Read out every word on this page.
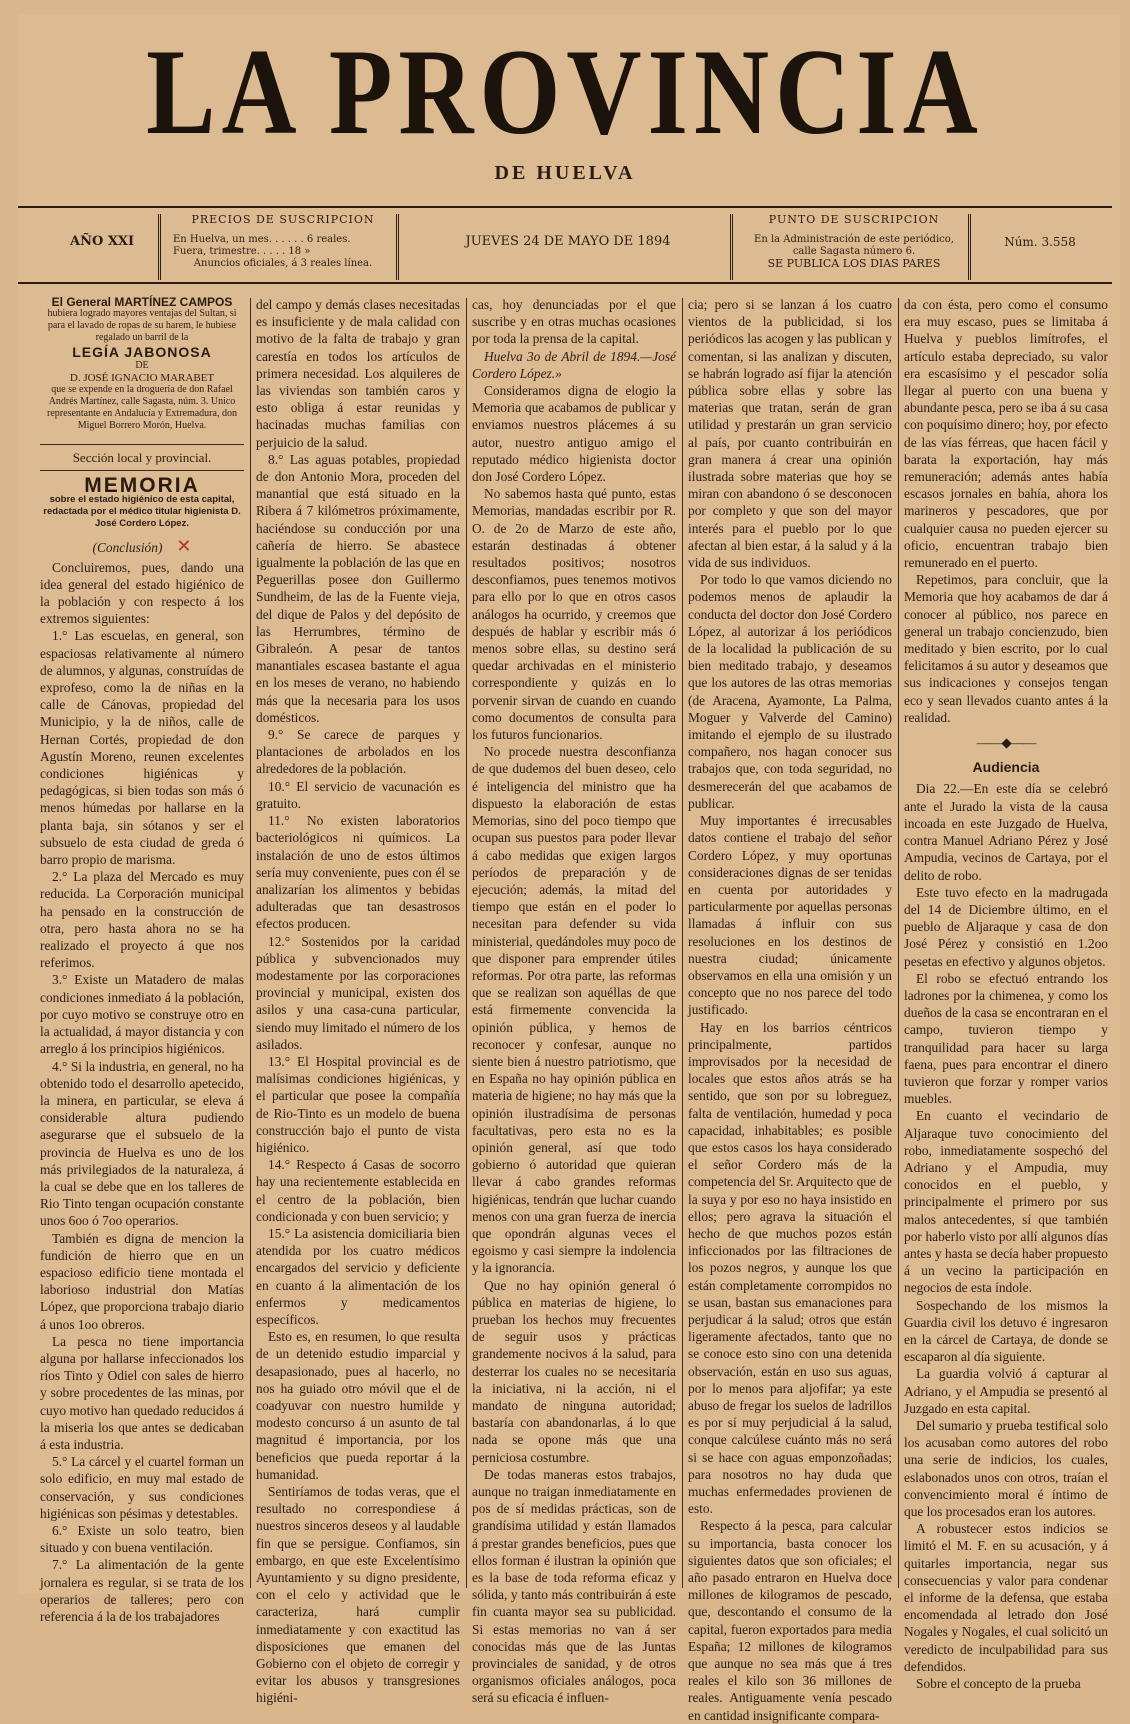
LA PROVINCIA
DE HUELVA
AÑO XXI
PRECIOS DE SUSCRIPCION
En Huelva, un mes. . . . . . 6 reales.
Fuera, trimestre. . . . . 18 »
Anuncios oficiales, á 3 reales línea.
JUEVES 24 DE MAYO DE 1894
PUNTO DE SUSCRIPCION
En la Administración de este periódico,
calle Sagasta número 6.
SE PUBLICA LOS DIAS PARES
Núm. 3.558
El General MARTÍNEZ CAMPOS
hubiera logrado mayores ventajas del Sultan, si para el lavado de ropas de su harem, le hubiese regalado un barril de la
LEGÍA JABONOSA
DE
D. JOSÉ IGNACIO MARABET
que se expende en la droguería de don Rafael Andrés Martínez, calle Sagasta, núm. 3. Unico representante en Andalucía y Extremadura, don Miguel Borrero Morón, Huelva.
Sección local y provincial.
MEMORIA
sobre el estado higiénico de esta capital, redactada por el médico titular higienista D. José Cordero López.
(Conclusión) ✕

Concluiremos, pues, dando una idea general del estado higiénico de la población y con respecto á los extremos siguientes:

1.° Las escuelas, en general, son espaciosas relativamente al número de alumnos, y algunas, construídas de exprofeso, como la de niñas en la calle de Cánovas, propiedad del Municipio, y la de niños, calle de Hernan Cortés, propiedad de don Agustín Moreno, reunen excelentes condiciones higiénicas y pedagógicas, si bien todas son más ó menos húmedas por hallarse en la planta baja, sin sótanos y ser el subsuelo de esta ciudad de greda ó barro propio de marisma.

2.° La plaza del Mercado es muy reducida. La Corporación municipal ha pensado en la construcción de otra, pero hasta ahora no se ha realizado el proyecto á que nos referimos.

3.° Existe un Matadero de malas condiciones inmediato á la población, por cuyo motivo se construye otro en la actualidad, á mayor distancia y con arreglo á los principios higiénicos.

4.° Si la industria, en general, no ha obtenido todo el desarrollo apetecido, la minera, en particular, se eleva á considerable altura pudiendo asegurarse que el subsuelo de la provincia de Huelva es uno de los más privilegiados de la naturaleza, á la cual se debe que en los talleres de Rio Tinto tengan ocupación constante unos 6oo ó 7oo operarios.

También es digna de mencion la fundición de hierro que en un espacioso edificio tiene montada el laborioso industrial don Matías López, que proporciona trabajo diario á unos 1oo obreros.

La pesca no tiene importancia alguna por hallarse infeccionados los ríos Tinto y Odiel con sales de hierro y sobre procedentes de las minas, por cuyo motivo han quedado reducidos á la miseria los que antes se dedicaban á esta industria.

5.° La cárcel y el cuartel forman un solo edificio, en muy mal estado de conservación, y sus condiciones higiénicas son pésimas y detestables.

6.° Existe un solo teatro, bien situado y con buena ventilación.

7.° La alimentación de la gente jornalera es regular, si se trata de los operarios de talleres; pero con referencia á la de los trabajadores

del campo y demás clases necesitadas es insuficiente y de mala calidad con motivo de la falta de trabajo y gran carestía en todos los artículos de primera necesidad. Los alquileres de las viviendas son también caros y esto obliga á estar reunidas y hacinadas muchas familias con perjuicio de la salud.

8.° Las aguas potables, propiedad de don Antonio Mora, proceden del manantial que está situado en la Ribera á 7 kilómetros próximamente, haciéndose su conducción por una cañería de hierro. Se abastece igualmente la población de las que en Peguerillas posee don Guillermo Sundheim, de las de la Fuente vieja, del dique de Palos y del depósito de las Herrumbres, término de Gibraleón. A pesar de tantos manantiales escasea bastante el agua en los meses de verano, no habiendo más que la necesaria para los usos domésticos.

9.° Se carece de parques y plantaciones de arbolados en los alrededores de la población.

10.° El servicio de vacunación es gratuito.

11.° No existen laboratorios bacteriológicos ni químicos. La instalación de uno de estos últimos sería muy conveniente, pues con él se analizarían los alimentos y bebidas adulteradas que tan desastrosos efectos producen.

12.° Sostenidos por la caridad pública y subvencionados muy modestamente por las corporaciones provincial y municipal, existen dos asilos y una casa-cuna particular, siendo muy limitado el número de los asilados.

13.° El Hospital provincial es de malísimas condiciones higiénicas, y el particular que posee la compañía de Rio-Tinto es un modelo de buena construcción bajo el punto de vista higiénico.

14.° Respecto á Casas de socorro hay una recientemente establecida en el centro de la población, bien condicionada y con buen servicio; y

15.° La asistencia domiciliaria bien atendida por los cuatro médicos encargados del servicio y deficiente en cuanto á la alimentación de los enfermos y medicamentos específicos.

Esto es, en resumen, lo que resulta de un detenido estudio imparcial y desapasionado, pues al hacerlo, no nos ha guiado otro móvil que el de coadyuvar con nuestro humilde y modesto concurso á un asunto de tal magnitud é importancia, por los beneficios que pueda reportar á la humanidad.

Sentiríamos de todas veras, que el resultado no correspondiese á nuestros sinceros deseos y al laudable fin que se persigue. Confiamos, sin embargo, en que este Excelentísimo Ayuntamiento y su digno presidente, con el celo y actividad que le caracteriza, hará cumplir inmediatamente y con exactitud las disposiciones que emanen del Gobierno con el objeto de corregir y evitar los abusos y transgresiones higiéni-

cas, hoy denunciadas por el que suscribe y en otras muchas ocasiones por toda la prensa de la capital.

Huelva 3o de Abril de 1894.—José Cordero López.»

Consideramos digna de elogio la Memoria que acabamos de publicar y enviamos nuestros plácemes á su autor, nuestro antiguo amigo el reputado médico higienista doctor don José Cordero López.

No sabemos hasta qué punto, estas Memorias, mandadas escribir por R. O. de 2o de Marzo de este año, estarán destinadas á obtener resultados positivos; nosotros desconfiamos, pues tenemos motivos para ello por lo que en otros casos análogos ha ocurrido, y creemos que después de hablar y escribir más ó menos sobre ellas, su destino será quedar archivadas en el ministerio correspondiente y quizás en lo porvenir sirvan de cuando en cuando como documentos de consulta para los futuros funcionarios.

No procede nuestra desconfianza de que dudemos del buen deseo, celo é inteligencia del ministro que ha dispuesto la elaboración de estas Memorias, sino del poco tiempo que ocupan sus puestos para poder llevar á cabo medidas que exigen largos períodos de preparación y de ejecución; además, la mitad del tiempo que están en el poder lo necesitan para defender su vida ministerial, quedándoles muy poco de que disponer para emprender útiles reformas. Por otra parte, las reformas que se realizan son aquéllas de que está firmemente convencida la opinión pública, y hemos de reconocer y confesar, aunque no siente bien á nuestro patriotismo, que en España no hay opinión pública en materia de higiene; no hay más que la opinión ilustradísima de personas facultativas, pero esta no es la opinión general, así que todo gobierno ó autoridad que quieran llevar á cabo grandes reformas higiénicas, tendrán que luchar cuando menos con una gran fuerza de inercia que opondrán algunas veces el egoismo y casi siempre la indolencia y la ignorancia.

Que no hay opinión general ó pública en materias de higiene, lo prueban los hechos muy frecuentes de seguir usos y prácticas grandemente nocivos á la salud, para desterrar los cuales no se necesitaría la iniciativa, ni la acción, ni el mandato de ninguna autoridad; bastaría con abandonarlas, á lo que nada se opone más que una perniciosa costumbre.

De todas maneras estos trabajos, aunque no traigan inmediatamente en pos de sí medidas prácticas, son de grandísima utilidad y están llamados á prestar grandes beneficios, pues que ellos forman é ilustran la opinión que es la base de toda reforma eficaz y sólida, y tanto más contribuirán á este fin cuanta mayor sea su publicidad. Si estas memorias no van á ser conocidas más que de las Juntas provinciales de sanidad, y de otros organismos oficiales análogos, poca será su eficacia é influen-

cia; pero si se lanzan á los cuatro vientos de la publicidad, si los periódicos las acogen y las publican y comentan, si las analizan y discuten, se habrán logrado así fijar la atención pública sobre ellas y sobre las materias que tratan, serán de gran utilidad y prestarán un gran servicio al país, por cuanto contribuirán en gran manera á crear una opinión ilustrada sobre materias que hoy se miran con abandono ó se desconocen por completo y que son del mayor interés para el pueblo por lo que afectan al bien estar, á la salud y á la vida de sus individuos.

Por todo lo que vamos diciendo no podemos menos de aplaudir la conducta del doctor don José Cordero López, al autorizar á los periódicos de la localidad la publicación de su bien meditado trabajo, y deseamos que los autores de las otras memorias (de Aracena, Ayamonte, La Palma, Moguer y Valverde del Camino) imitando el ejemplo de su ilustrado compañero, nos hagan conocer sus trabajos que, con toda seguridad, no desmerecerán del que acabamos de publicar.

Muy importantes é irrecusables datos contiene el trabajo del señor Cordero López, y muy oportunas consideraciones dignas de ser tenidas en cuenta por autoridades y particularmente por aquellas personas llamadas á influir con sus resoluciones en los destinos de nuestra ciudad; únicamente observamos en ella una omisión y un concepto que no nos parece del todo justificado.

Hay en los barrios céntricos principalmente, partidos improvisados por la necesidad de locales que estos años atrás se ha sentido, que son por su lobreguez, falta de ventilación, humedad y poca capacidad, inhabitables; es posible que estos casos los haya considerado el señor Cordero más de la competencia del Sr. Arquitecto que de la suya y por eso no haya insistido en ellos; pero agrava la situación el hecho de que muchos pozos están inficcionados por las filtraciones de los pozos negros, y aunque los que están completamente corrompidos no se usan, bastan sus emanaciones para perjudicar á la salud; otros que están ligeramente afectados, tanto que no se conoce esto sino con una detenida observación, están en uso sus aguas, por lo menos para aljofifar; ya este abuso de fregar los suelos de ladrillos es por sí muy perjudicial á la salud, conque calcúlese cuánto más no será si se hace con aguas emponzoñadas; para nosotros no hay duda que muchas enfermedades provienen de esto.

Respecto á la pesca, para calcular su importancia, basta conocer los siguientes datos que son oficiales; el año pasado entraron en Huelva doce millones de kilogramos de pescado, que, descontando el consumo de la capital, fueron exportados para media España; 12 millones de kilogramos que aunque no sea más que á tres reales el kilo son 36 millones de reales. Antiguamente venía pescado en cantidad insignificante compara-

da con ésta, pero como el consumo era muy escaso, pues se limitaba á Huelva y pueblos limítrofes, el artículo estaba depreciado, su valor era escasísimo y el pescador solía llegar al puerto con una buena y abundante pesca, pero se iba á su casa con poquísimo dinero; hoy, por efecto de las vías férreas, que hacen fácil y barata la exportación, hay más remuneración; además antes había escasos jornales en bahía, ahora los marineros y pescadores, que por cualquier causa no pueden ejercer su oficio, encuentran trabajo bien remunerado en el puerto.

Repetimos, para concluir, que la Memoria que hoy acabamos de dar á conocer al público, nos parece en general un trabajo concienzudo, bien meditado y bien escrito, por lo cual felicitamos á su autor y deseamos que sus indicaciones y consejos tengan eco y sean llevados cuanto antes á la realidad.

——◆——
Audiencia

Dia 22.—En este día se celebró ante el Jurado la vista de la causa incoada en este Juzgado de Huelva, contra Manuel Adriano Pérez y José Ampudia, vecinos de Cartaya, por el delito de robo.

Este tuvo efecto en la madrugada del 14 de Diciembre último, en el pueblo de Aljaraque y casa de don José Pérez y consistió en 1.2oo pesetas en efectivo y algunos objetos.

El robo se efectuó entrando los ladrones por la chimenea, y como los dueños de la casa se encontraran en el campo, tuvieron tiempo y tranquilidad para hacer su larga faena, pues para encontrar el dinero tuvieron que forzar y romper varios muebles.

En cuanto el vecindario de Aljaraque tuvo conocimiento del robo, inmediatamente sospechó del Adriano y el Ampudia, muy conocidos en el pueblo, y principalmente el primero por sus malos antecedentes, sí que también por haberlo visto por allí algunos días antes y hasta se decía haber propuesto á un vecino la participación en negocios de esta índole.

Sospechando de los mismos la Guardia civil los detuvo é ingresaron en la cárcel de Cartaya, de donde se escaparon al día siguiente.

La guardia volvió á capturar al Adriano, y el Ampudia se presentó al Juzgado en esta capital.

Del sumario y prueba testifical solo los acusaban como autores del robo una serie de indicios, los cuales, eslabonados unos con otros, traían el convencimiento moral é íntimo de que los procesados eran los autores.

A robustecer estos indicios se limitó el M. F. en su acusación, y á quitarles importancia, negar sus consecuencias y valor para condenar el informe de la defensa, que estaba encomendada al letrado don José Nogales y Nogales, el cual solicitó un veredicto de inculpabilidad para sus defendidos.

Sobre el concepto de la prueba
